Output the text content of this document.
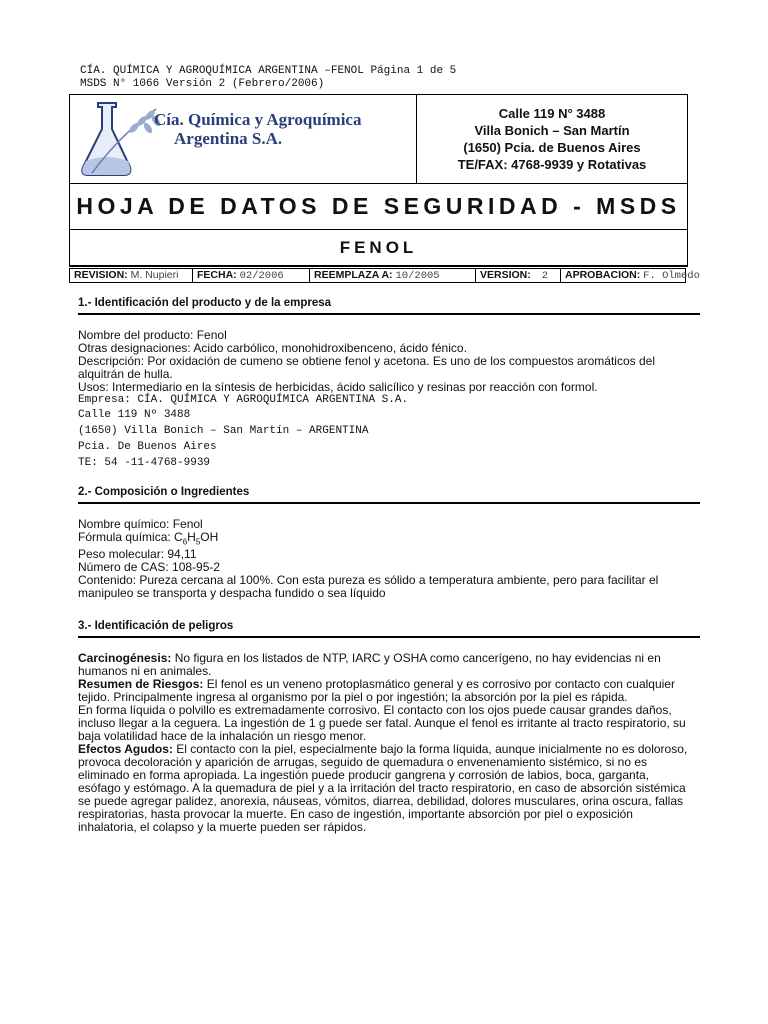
CÍA. QUÍMICA Y AGROQUÍMICA ARGENTINA –FENOL Página 1 de 5
MSDS N° 1066 Versión 2 (Febrero/2006)
Cía. Química y Agroquímica
Argentina S.A.
Calle 119 N° 3488
Villa Bonich – San Martín
(1650) Pcia. de Buenos Aires
TE/FAX: 4768-9939 y Rotativas
HOJA DE DATOS DE SEGURIDAD - MSDS
FENOL
REVISION: M. Nupieri	FECHA: 02/2006	REEMPLAZA A: 10/2005	VERSION: 2	APROBACION: F. Olmedo
1.- Identificación del producto y de la empresa
Nombre del producto: Fenol
Otras designaciones: Acido carbólico, monohidroxibenceno, ácido fénico.
Descripción: Por oxidación de cumeno se obtiene fenol y acetona. Es uno de los compuestos aromáticos del alquitrán de hulla.
Usos: Intermediario en la síntesis de herbicidas, ácido salicílico y resinas por reacción con formol.
Empresa: CÍA. QUÍMICA Y AGROQUÍMICA ARGENTINA S.A.
Calle 119 Nº 3488
(1650) Villa Bonich – San Martín – ARGENTINA
Pcia. De Buenos Aires
TE: 54 -11-4768-9939
2.- Composición o Ingredientes
Nombre químico: Fenol
Fórmula química: $C_6H_5OH$
Peso molecular: 94,11
Número de CAS: 108-95-2
Contenido: Pureza cercana al 100%. Con esta pureza es sólido a temperatura ambiente, pero para facilitar el manipuleo se transporta y despacha fundido o sea líquido
3.- Identificación de peligros
Carcinogénesis: No figura en los listados de NTP, IARC y OSHA como cancerígeno, no hay evidencias ni en humanos ni en animales.
Resumen de Riesgos: El fenol es un veneno protoplasmático general y es corrosivo por contacto con cualquier tejido. Principalmente ingresa al organismo por la piel o por ingestión; la absorción por la piel es rápida.
En forma líquida o polvillo es extremadamente corrosivo. El contacto con los ojos puede causar grandes daños, incluso llegar a la ceguera. La ingestión de 1 g puede ser fatal. Aunque el fenol es irritante al tracto respiratorio, su baja volatilidad hace de la inhalación un riesgo menor.
Efectos Agudos: El contacto con la piel, especialmente bajo la forma líquida, aunque inicialmente no es doloroso, provoca decoloración y aparición de arrugas, seguido de quemadura o envenenamiento sistémico, si no es eliminado en forma apropiada. La ingestión puede producir gangrena y corrosión de labios, boca, garganta, esófago y estómago. A la quemadura de piel y a la irritación del tracto respiratorio, en caso de absorción sistémica se puede agregar palidez, anorexia, náuseas, vómitos, diarrea, debilidad, dolores musculares, orina oscura, fallas respiratorias, hasta provocar la muerte. En caso de ingestión, importante absorción por piel o exposición inhalatoria, el colapso y la muerte pueden ser rápidos.
